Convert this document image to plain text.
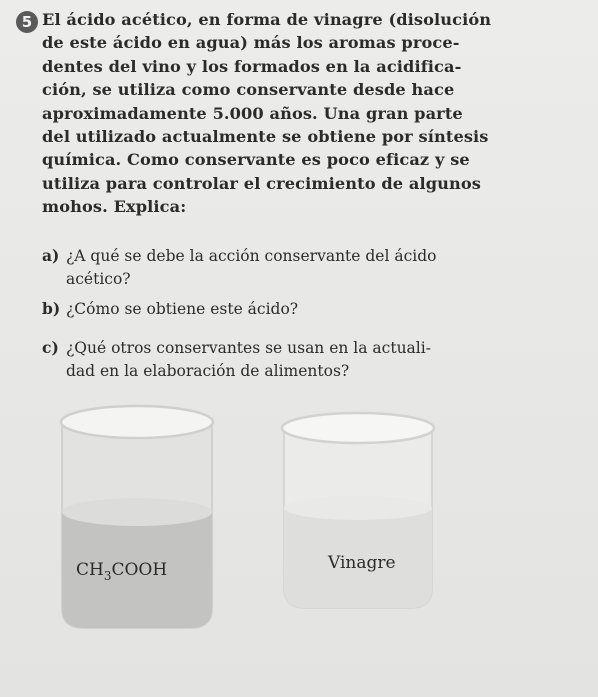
5 El ácido acético, en forma de vinagre (disolución
de este ácido en agua) más los aromas proce-
dentes del vino y los formados en la acidifica-
ción, se utiliza como conservante desde hace
aproximadamente 5.000 años. Una gran parte
del utilizado actualmente se obtiene por síntesis
química. Como conservante es poco eficaz y se
utiliza para controlar el crecimiento de algunos
mohos. Explica:
a) ¿A qué se debe la acción conservante del ácido
acético?
b) ¿Cómo se obtiene este ácido?
c) ¿Qué otros conservantes se usan en la actuali-
dad en la elaboración de alimentos?
$CH_3COOH$	Vinagre
